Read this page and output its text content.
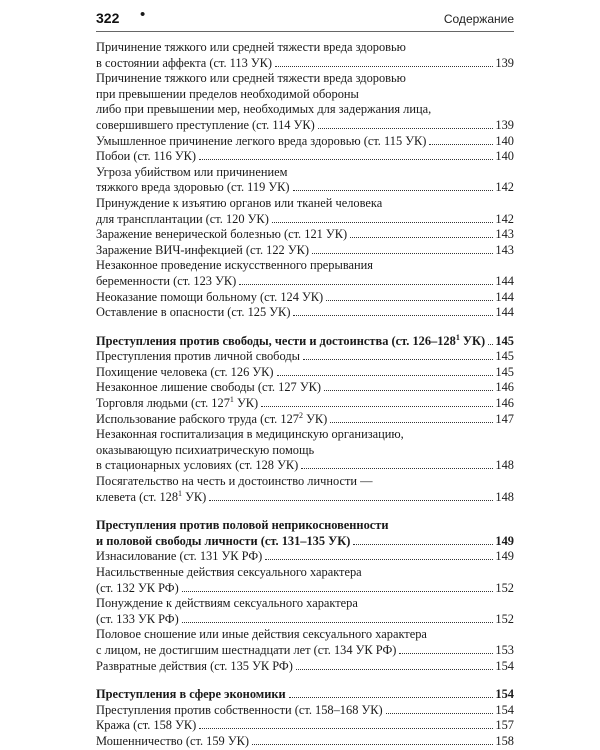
322 •	Содержание
Причинение тяжкого или средней тяжести вреда здоровью
в состоянии аффекта (ст. 113 УК)	139
Причинение тяжкого или средней тяжести вреда здоровью
при превышении пределов необходимой обороны
либо при превышении мер, необходимых для задержания лица,
совершившего преступление (ст. 114 УК)	139
Умышленное причинение легкого вреда здоровью (ст. 115 УК)	140
Побои (ст. 116 УК)	140
Угроза убийством или причинением
тяжкого вреда здоровью (ст. 119 УК)	142
Принуждение к изъятию органов или тканей человека
для трансплантации (ст. 120 УК)	142
Заражение венерической болезнью (ст. 121 УК)	143
Заражение ВИЧ-инфекцией (ст. 122 УК)	143
Незаконное проведение искусственного прерывания
беременности (ст. 123 УК)	144
Неоказание помощи больному (ст. 124 УК)	144
Оставление в опасности (ст. 125 УК)	144
Преступления против свободы, чести и достоинства (ст. $126-128^1$ УК) 145
Преступления против личной свободы	145
Похищение человека (ст. 126 УК)	145
Незаконное лишение свободы (ст. 127 УК)	146
Торговля людьми (ст. $127^1$ УК)	146
Использование рабского труда (ст. $127^2$ УК)	147
Незаконная госпитализация в медицинскую организацию,
оказывающую психиатрическую помощь
в стационарных условиях (ст. 128 УК)	148
Посягательство на честь и достоинство личности —
клевета (ст. $128^1$ УК)	148
Преступления против половой неприкосновенности
и половой свободы личности (ст. 131–135 УК)	149
Изнасилование (ст. 131 УК РФ)	149
Насильственные действия сексуального характера
(ст. 132 УК РФ)	152
Понуждение к действиям сексуального характера
(ст. 133 УК РФ)	152
Половое сношение или иные действия сексуального характера
с лицом, не достигшим шестнадцати лет (ст. 134 УК РФ)	153
Развратные действия (ст. 135 УК РФ)	154
Преступления в сфере экономики	154
Преступления против собственности (ст. 158–168 УК)	154
Кража (ст. 158 УК)	157
Мошенничество (ст. 159 УК)	158
